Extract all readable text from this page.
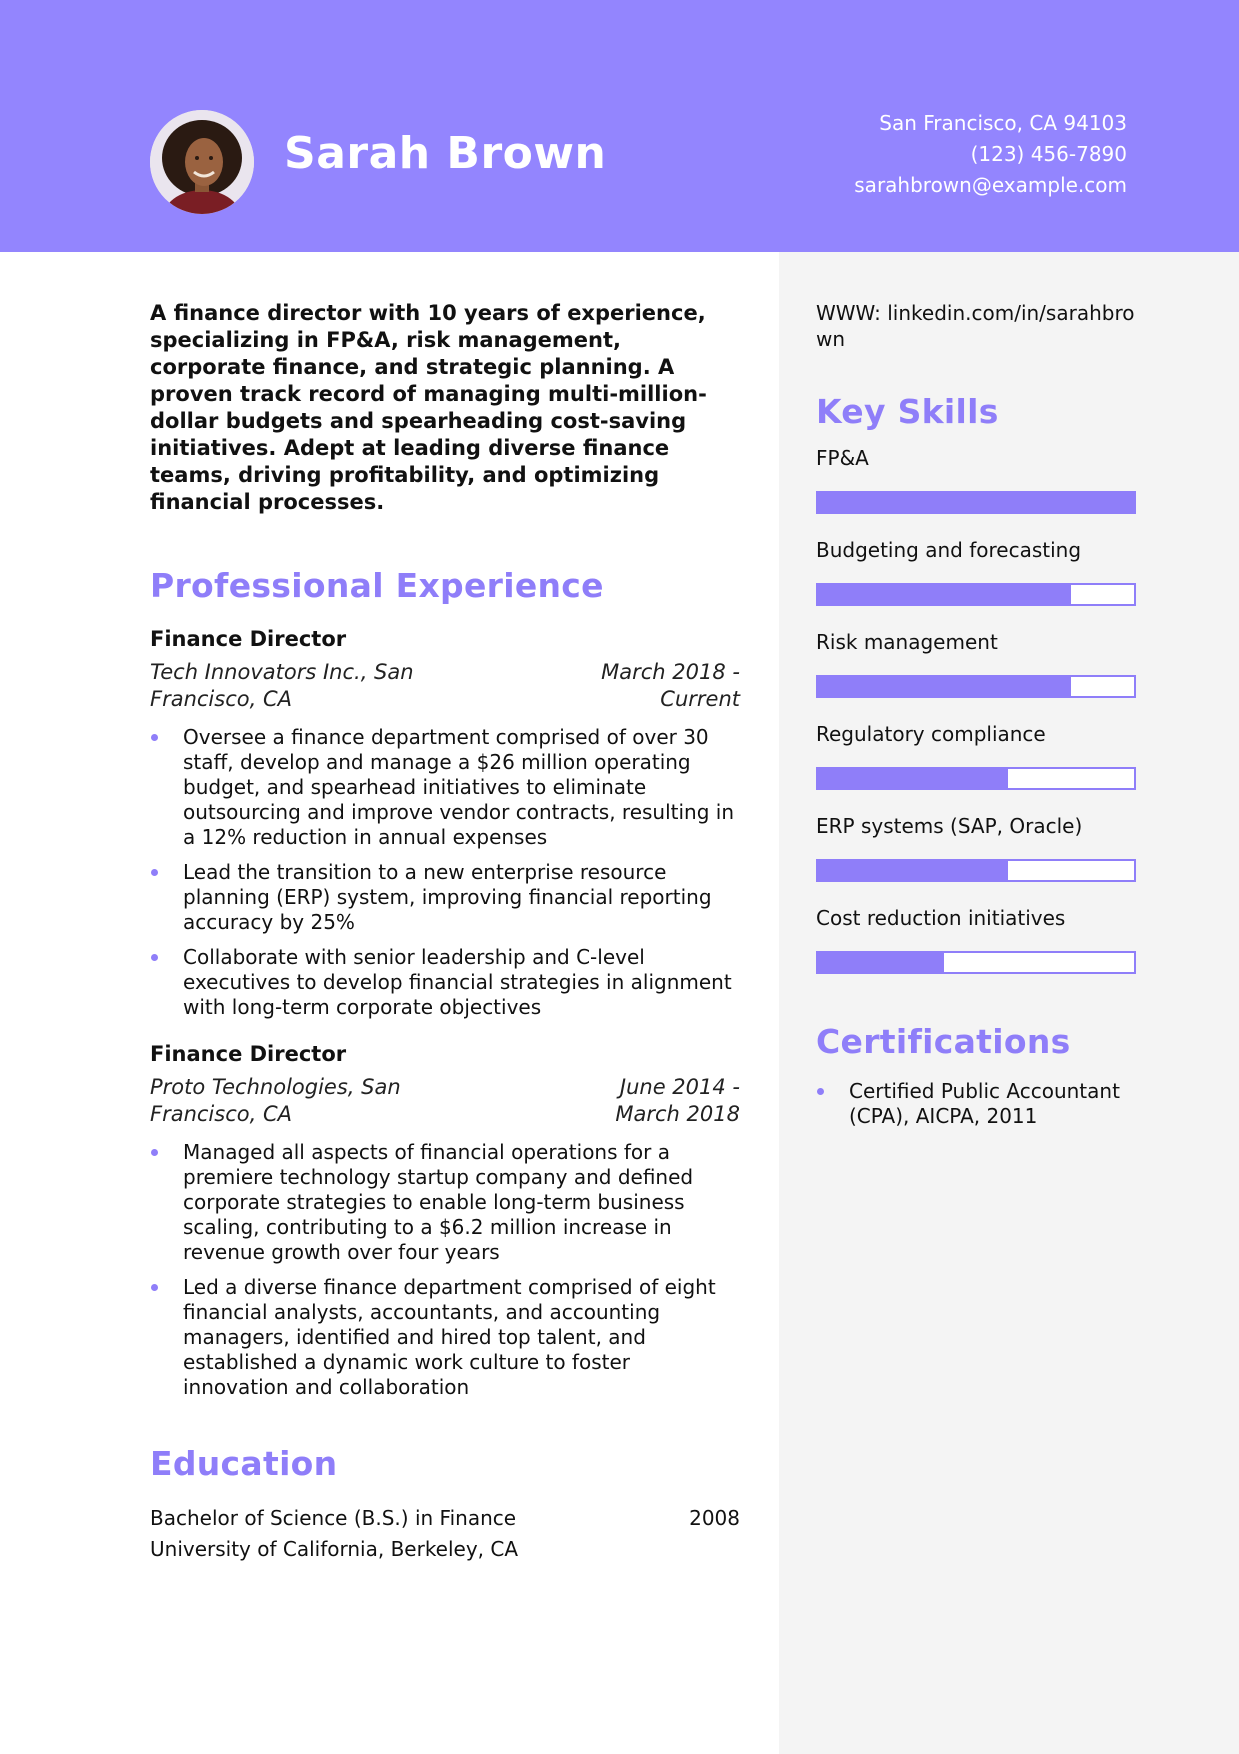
Sarah Brown
San Francisco, CA 94103
(123) 456-7890
sarahbrown@example.com

A finance director with 10 years of experience, specializing in FP&A, risk management, corporate finance, and strategic planning. A proven track record of managing multi-million-dollar budgets and spearheading cost-saving initiatives. Adept at leading diverse finance teams, driving profitability, and optimizing financial processes.

Professional Experience

Finance Director

Tech Innovators Inc., San Francisco, CA
March 2018 - Current
Oversee a finance department comprised of over 30 staff, develop and manage a $26 million operating budget, and spearhead initiatives to eliminate outsourcing and improve vendor contracts, resulting in a 12% reduction in annual expenses
Lead the transition to a new enterprise resource planning (ERP) system, improving financial reporting accuracy by 25%
Collaborate with senior leadership and C-level executives to develop financial strategies in alignment with long-term corporate objectives

Finance Director

Proto Technologies, San Francisco, CA
June 2014 - March 2018
Managed all aspects of financial operations for a premiere technology startup company and defined corporate strategies to enable long-term business scaling, contributing to a $6.2 million increase in revenue growth over four years
Led a diverse finance department comprised of eight financial analysts, accountants, and accounting managers, identified and hired top talent, and established a dynamic work culture to foster innovation and collaboration
Education
Bachelor of Science (B.S.) in Finance	2008
University of California, Berkeley, CA

WWW: linkedin.com/in/sarahbrown

Key Skills

FP&A

Budgeting and forecasting

Risk management

Regulatory compliance

ERP systems (SAP, Oracle)

Cost reduction initiatives

Certifications
Certified Public Accountant (CPA), AICPA, 2011
